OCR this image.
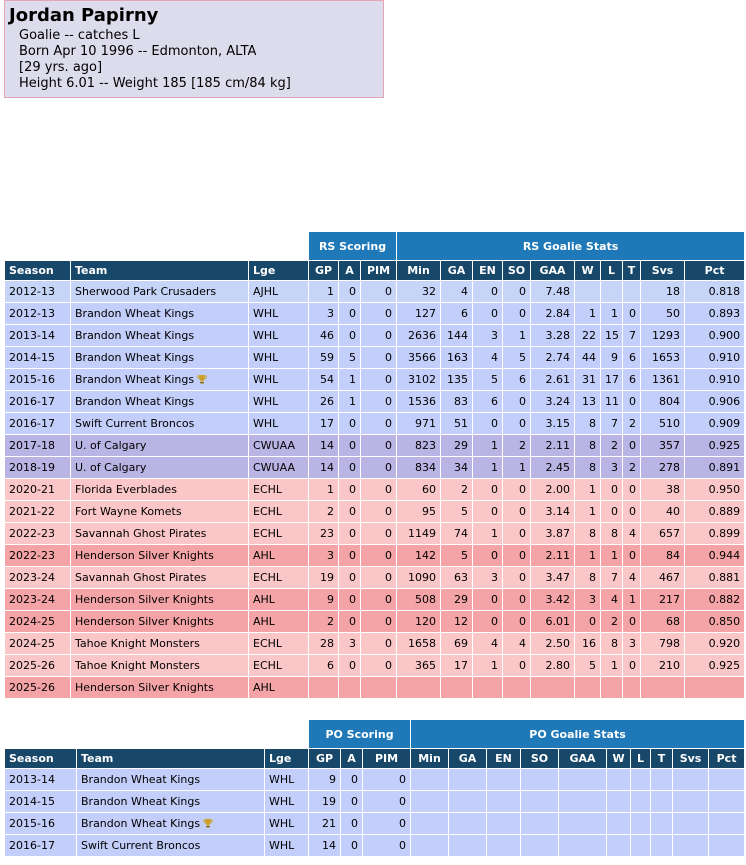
Jordan Papirny
Goalie -- catches L
Born Apr 10 1996 -- Edmonton, ALTA
[29 yrs. ago]
Height 6.01 -- Weight 185 [185 cm/84 kg]
			RS Scoring			RS Goalie Stats									
Season	Team	Lge	GP	A	PIM	Min	GA	EN	SO	GAA	W	L	T	Svs	Pct
2012-13	Sherwood Park Crusaders	AJHL	1	0	0	32	4	0	0	7.48				18	0.818
2012-13	Brandon Wheat Kings	WHL	3	0	0	127	6	0	0	2.84	1	1	0	50	0.893
2013-14	Brandon Wheat Kings	WHL	46	0	0	2636	144	3	1	3.28	22	15	7	1293	0.900
2014-15	Brandon Wheat Kings	WHL	59	5	0	3566	163	4	5	2.74	44	9	6	1653	0.910
2015-16	Brandon Wheat Kings	WHL	54	1	0	3102	135	5	6	2.61	31	17	6	1361	0.910
2016-17	Brandon Wheat Kings	WHL	26	1	0	1536	83	6	0	3.24	13	11	0	804	0.906
2016-17	Swift Current Broncos	WHL	17	0	0	971	51	0	0	3.15	8	7	2	510	0.909
2017-18	U. of Calgary	CWUAA	14	0	0	823	29	1	2	2.11	8	2	0	357	0.925
2018-19	U. of Calgary	CWUAA	14	0	0	834	34	1	1	2.45	8	3	2	278	0.891
2020-21	Florida Everblades	ECHL	1	0	0	60	2	0	0	2.00	1	0	0	38	0.950
2021-22	Fort Wayne Komets	ECHL	2	0	0	95	5	0	0	3.14	1	0	0	40	0.889
2022-23	Savannah Ghost Pirates	ECHL	23	0	0	1149	74	1	0	3.87	8	8	4	657	0.899
2022-23	Henderson Silver Knights	AHL	3	0	0	142	5	0	0	2.11	1	1	0	84	0.944
2023-24	Savannah Ghost Pirates	ECHL	19	0	0	1090	63	3	0	3.47	8	7	4	467	0.881
2023-24	Henderson Silver Knights	AHL	9	0	0	508	29	0	0	3.42	3	4	1	217	0.882
2024-25	Henderson Silver Knights	AHL	2	0	0	120	12	0	0	6.01	0	2	0	68	0.850
2024-25	Tahoe Knight Monsters	ECHL	28	3	0	1658	69	4	4	2.50	16	8	3	798	0.920
2025-26	Tahoe Knight Monsters	ECHL	6	0	0	365	17	1	0	2.80	5	1	0	210	0.925
2025-26	Henderson Silver Knights	AHL													
			PO Scoring			PO Goalie Stats									
Season	Team	Lge	GP	A	PIM	Min	GA	EN	SO	GAA	W	L	T	Svs	Pct
2013-14	Brandon Wheat Kings	WHL	9	0	0										
2014-15	Brandon Wheat Kings	WHL	19	0	0										
2015-16	Brandon Wheat Kings	WHL	21	0	0										
2016-17	Swift Current Broncos	WHL	14	0	0										
